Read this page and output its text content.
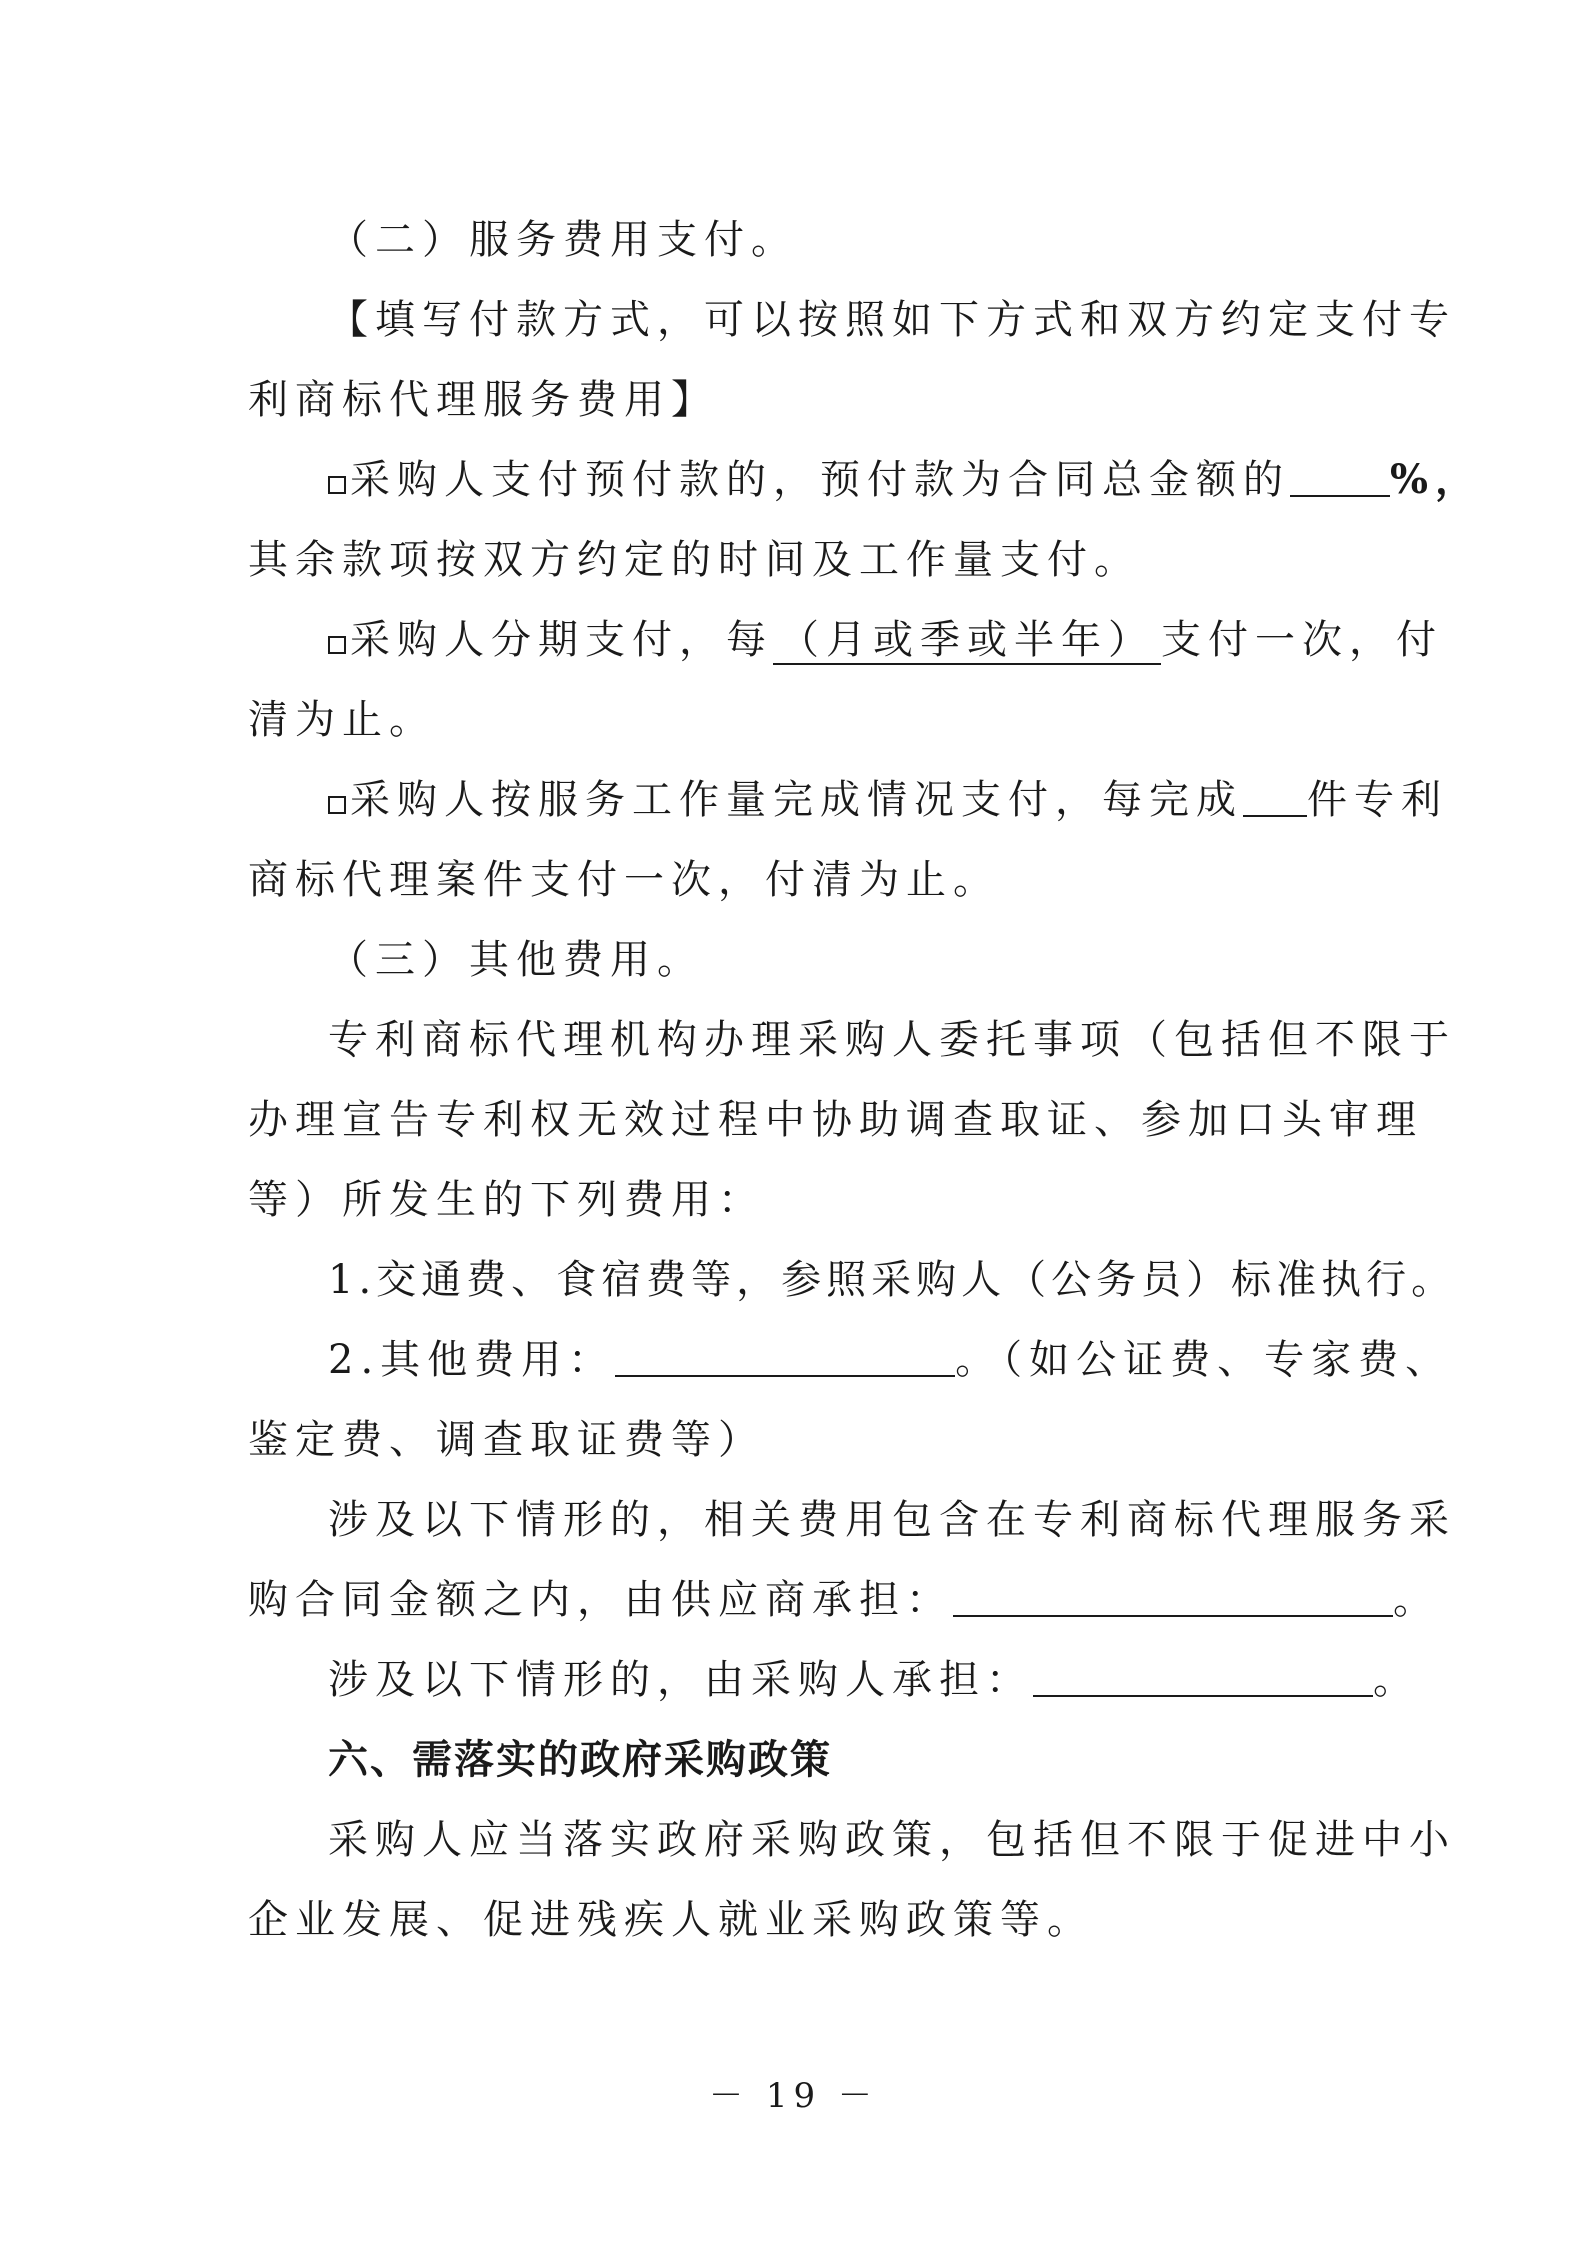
（二）服务费用支付。
【填写付款方式，可以按照如下方式和双方约定支付专
利商标代理服务费用】
采购人支付预付款的，预付款为合同总金额的	%，
其余款项按双方约定的时间及工作量支付。
采购人分期支付，每 （月或季或半年） 支付一次，付
清为止。
采购人按服务工作量完成情况支付，每完成 件专利
商标代理案件支付一次，付清为止。
（三）其他费用。
专利商标代理机构办理采购人委托事项（包括但不限于
办理宣告专利权无效过程中协助调查取证、参加口头审理
等）所发生的下列费用：
1.交通费、食宿费等，参照采购人（公务员）标准执行。
2.其他费用：	。（如公证费、专家费、
鉴定费、调查取证费等）
涉及以下情形的，相关费用包含在专利商标代理服务采
购合同金额之内，由供应商承担：	。
涉及以下情形的，由采购人承担：	。
六、需落实的政府采购政策
采购人应当落实政府采购政策，包括但不限于促进中小
企业发展、促进残疾人就业采购政策等。
－ 19 －
